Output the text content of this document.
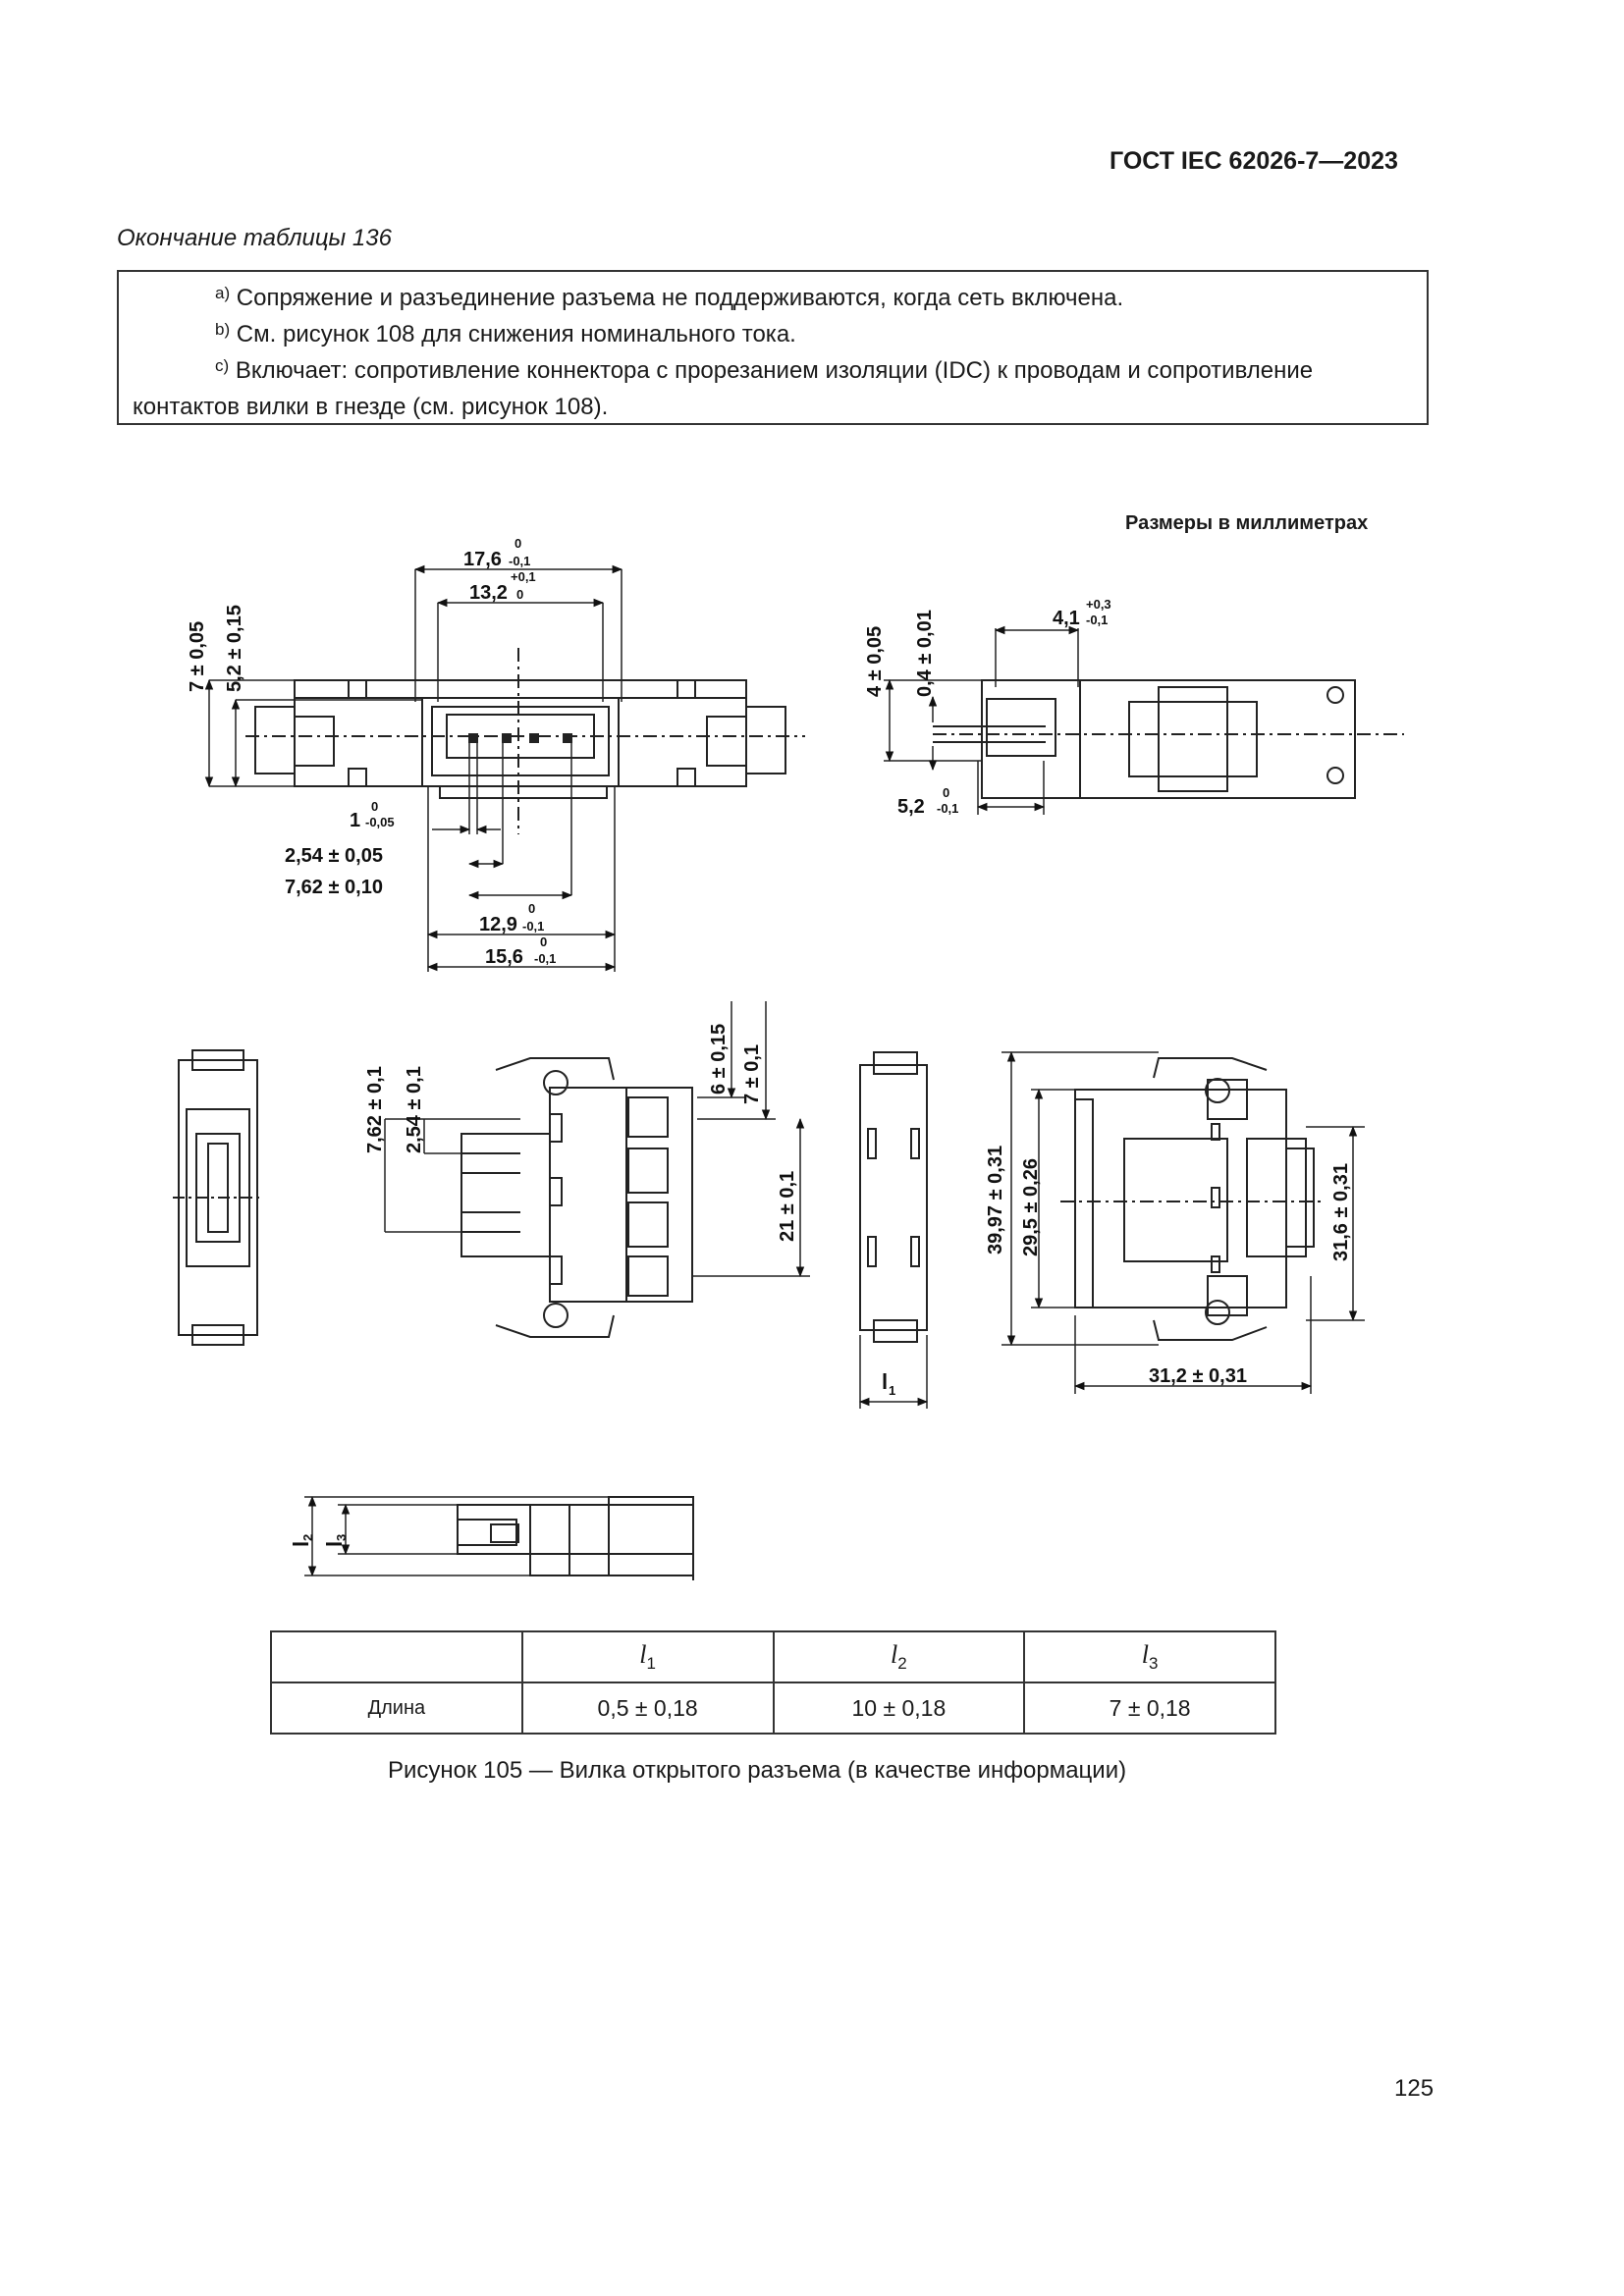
ГОСТ IEC 62026-7—2023
Окончание таблицы 136
$^{a)}$ Сопряжение и разъединение разъема не поддерживаются, когда сеть включена.
$^{b)}$ См. рисунок 108 для снижения номинального тока.
$^{c)}$ Включает: сопротивление коннектора с прорезанием изоляции (IDC) к проводам и сопротивление контактов вилки в гнезде (см. рисунок 108).
Размеры в миллиметрах
17,6
0
-0,1
13,2
+0,1
0
7 ± 0,05 5,2 ± 0,15
1
0
-0,05
2,54 ± 0,05
7,62 ± 0,10
12,9
0
-0,1
15,6
0
-0,1
4 ± 0,05 0,4 ± 0,01	4,1
+0,3
-0,1
5,2
0
-0,1
7,62 ± 0,1 2,54 ± 0,1
6 ± 0,15 7 ± 0,1
21 ± 0,1	39,97 ± 0,31 29,5 ± 0,26	31,6 ± 0,31
31,2 ± 0,31
l 1
l
2
l
3
	$l_1$	$l_2$	$l_3$
Длина	0,5 ± 0,18	10 ± 0,18	7 ± 0,18
Рисунок 105 — Вилка открытого разъема (в качестве информации)
125
